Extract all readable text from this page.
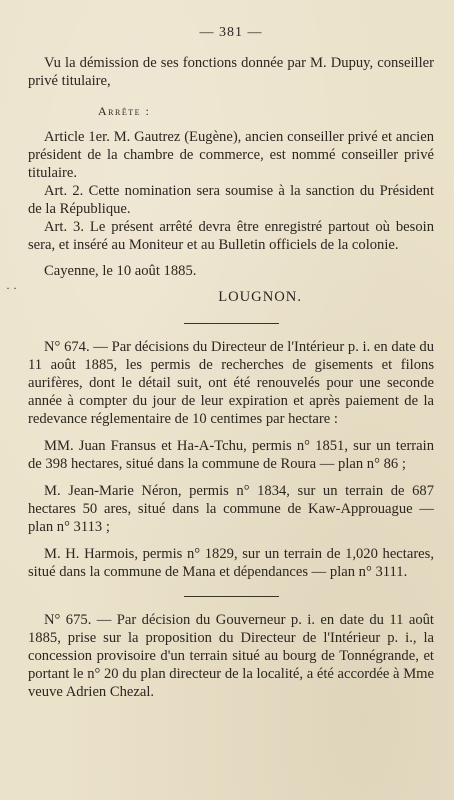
— 381 —

Vu la démission de ses fonctions donnée par M. Dupuy, conseiller privé titulaire,

Arrête :

Article 1er. M. Gautrez (Eugène), ancien conseiller privé et ancien président de la chambre de commerce, est nommé conseiller privé titulaire.

Art. 2. Cette nomination sera soumise à la sanction du Président de la République.

Art. 3. Le présent arrêté devra être enregistré partout où besoin sera, et inséré au Moniteur et au Bulletin officiels de la colonie.

Cayenne, le 10 août 1885.

LOUGNON.

N° 674. — Par décisions du Directeur de l'Intérieur p. i. en date du 11 août 1885, les permis de recherches de gisements et filons aurifères, dont le détail suit, ont été renouvelés pour une seconde année à compter du jour de leur expiration et après paiement de la redevance réglementaire de 10 centimes par hectare :

MM. Juan Fransus et Ha-A-Tchu, permis n° 1851, sur un terrain de 398 hectares, situé dans la commune de Roura — plan n° 86 ;

M. Jean-Marie Néron, permis n° 1834, sur un terrain de 687 hectares 50 ares, situé dans la commune de Kaw-Approuague — plan n° 3113 ;

M. H. Harmois, permis n° 1829, sur un terrain de 1,020 hectares, situé dans la commune de Mana et dépendances — plan n° 3111.

N° 675. — Par décision du Gouverneur p. i. en date du 11 août 1885, prise sur la proposition du Directeur de l'Intérieur p. i., la concession provisoire d'un terrain situé au bourg de Tonnégrande, et portant le n° 20 du plan directeur de la localité, a été accordée à Mme veuve Adrien Chezal.

· ·
